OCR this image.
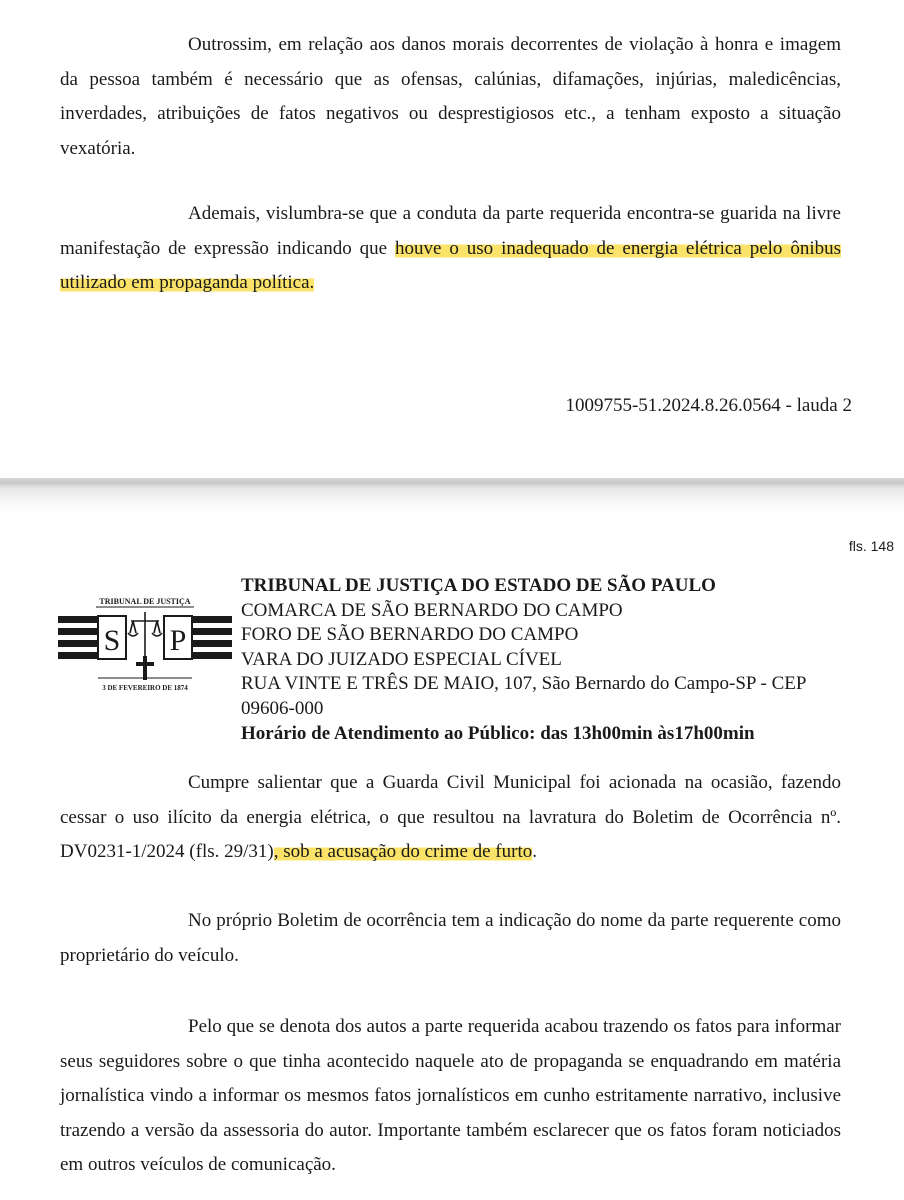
Outrossim, em relação aos danos morais decorrentes de violação à honra e imagem da pessoa também é necessário que as ofensas, calúnias, difamações, injúrias, maledicências, inverdades, atribuições de fatos negativos ou desprestigiosos etc., a tenham exposto a situação vexatória.

Ademais, vislumbra-se que a conduta da parte requerida encontra-se guarida na livre manifestação de expressão indicando que houve o uso inadequado de energia elétrica pelo ônibus utilizado em propaganda política.

1009755-51.2024.8.26.0564 - lauda 2

fls. 148

TRIBUNAL DE JUSTIÇA
S P
3 DE FEVEREIRO DE 1874

TRIBUNAL DE JUSTIÇA DO ESTADO DE SÃO PAULO

COMARCA DE SÃO BERNARDO DO CAMPO

FORO DE SÃO BERNARDO DO CAMPO

VARA DO JUIZADO ESPECIAL CÍVEL

RUA VINTE E TRÊS DE MAIO, 107, São Bernardo do Campo-SP - CEP 09606-000

Horário de Atendimento ao Público: das 13h00min às17h00min

Cumpre salientar que a Guarda Civil Municipal foi acionada na ocasião, fazendo cessar o uso ilícito da energia elétrica, o que resultou na lavratura do Boletim de Ocorrência nº. DV0231-1/2024 (fls. 29/31), sob a acusação do crime de furto.

No próprio Boletim de ocorrência tem a indicação do nome da parte requerente como proprietário do veículo.

Pelo que se denota dos autos a parte requerida acabou trazendo os fatos para informar seus seguidores sobre o que tinha acontecido naquele ato de propaganda se enquadrando em matéria jornalística vindo a informar os mesmos fatos jornalísticos em cunho estritamente narrativo, inclusive trazendo a versão da assessoria do autor. Importante também esclarecer que os fatos foram noticiados em outros veículos de comunicação.
